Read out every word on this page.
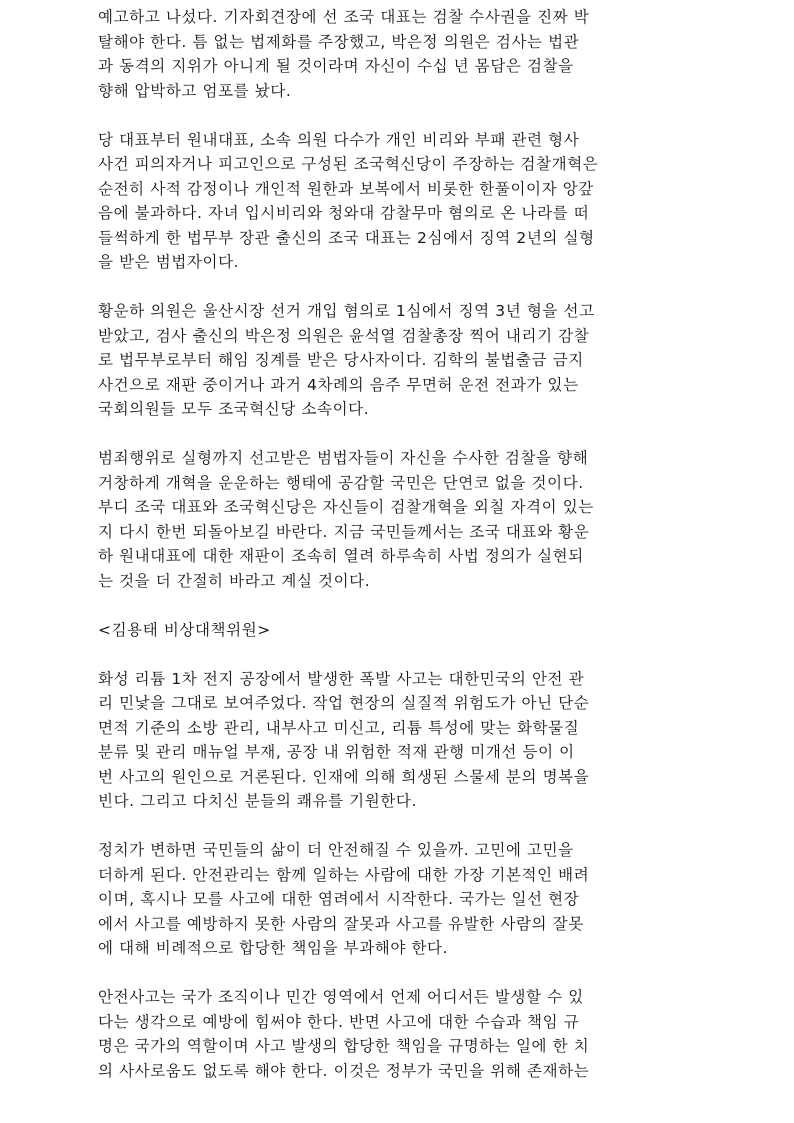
예고하고 나섰다. 기자회견장에 선 조국 대표는 검찰 수사권을 진짜 박
탈해야 한다. 틈 없는 법제화를 주장했고, 박은정 의원은 검사는 법관
과 동격의 지위가 아니게 될 것이라며 자신이 수십 년 몸담은 검찰을
향해 압박하고 엄포를 놨다.
당 대표부터 원내대표, 소속 의원 다수가 개인 비리와 부패 관련 형사
사건 피의자거나 피고인으로 구성된 조국혁신당이 주장하는 검찰개혁은
순전히 사적 감정이나 개인적 원한과 보복에서 비롯한 한풀이이자 앙갚
음에 불과하다. 자녀 입시비리와 청와대 감찰무마 혐의로 온 나라를 떠
들썩하게 한 법무부 장관 출신의 조국 대표는 2심에서 징역 2년의 실형
을 받은 범법자이다.
황운하 의원은 울산시장 선거 개입 혐의로 1심에서 징역 3년 형을 선고
받았고, 검사 출신의 박은정 의원은 윤석열 검찰총장 찍어 내리기 감찰
로 법무부로부터 해임 징계를 받은 당사자이다. 김학의 불법출금 금지
사건으로 재판 중이거나 과거 4차례의 음주 무면허 운전 전과가 있는
국회의원들 모두 조국혁신당 소속이다.
범죄행위로 실형까지 선고받은 범법자들이 자신을 수사한 검찰을 향해
거창하게 개혁을 운운하는 행태에 공감할 국민은 단연코 없을 것이다.
부디 조국 대표와 조국혁신당은 자신들이 검찰개혁을 외칠 자격이 있는
지 다시 한번 되돌아보길 바란다. 지금 국민들께서는 조국 대표와 황운
하 원내대표에 대한 재판이 조속히 열려 하루속히 사법 정의가 실현되
는 것을 더 간절히 바라고 계실 것이다.
<김용태 비상대책위원>
화성 리튬 1차 전지 공장에서 발생한 폭발 사고는 대한민국의 안전 관
리 민낯을 그대로 보여주었다. 작업 현장의 실질적 위험도가 아닌 단순
면적 기준의 소방 관리, 내부사고 미신고, 리튬 특성에 맞는 화학물질
분류 및 관리 매뉴얼 부재, 공장 내 위험한 적재 관행 미개선 등이 이
번 사고의 원인으로 거론된다. 인재에 의해 희생된 스물세 분의 명복을
빈다. 그리고 다치신 분들의 쾌유를 기원한다.
정치가 변하면 국민들의 삶이 더 안전해질 수 있을까. 고민에 고민을
더하게 된다. 안전관리는 함께 일하는 사람에 대한 가장 기본적인 배려
이며, 혹시나 모를 사고에 대한 염려에서 시작한다. 국가는 일선 현장
에서 사고를 예방하지 못한 사람의 잘못과 사고를 유발한 사람의 잘못
에 대해 비례적으로 합당한 책임을 부과해야 한다.
안전사고는 국가 조직이나 민간 영역에서 언제 어디서든 발생할 수 있
다는 생각으로 예방에 힘써야 한다. 반면 사고에 대한 수습과 책임 규
명은 국가의 역할이며 사고 발생의 합당한 책임을 규명하는 일에 한 치
의 사사로움도 없도록 해야 한다. 이것은 정부가 국민을 위해 존재하는
